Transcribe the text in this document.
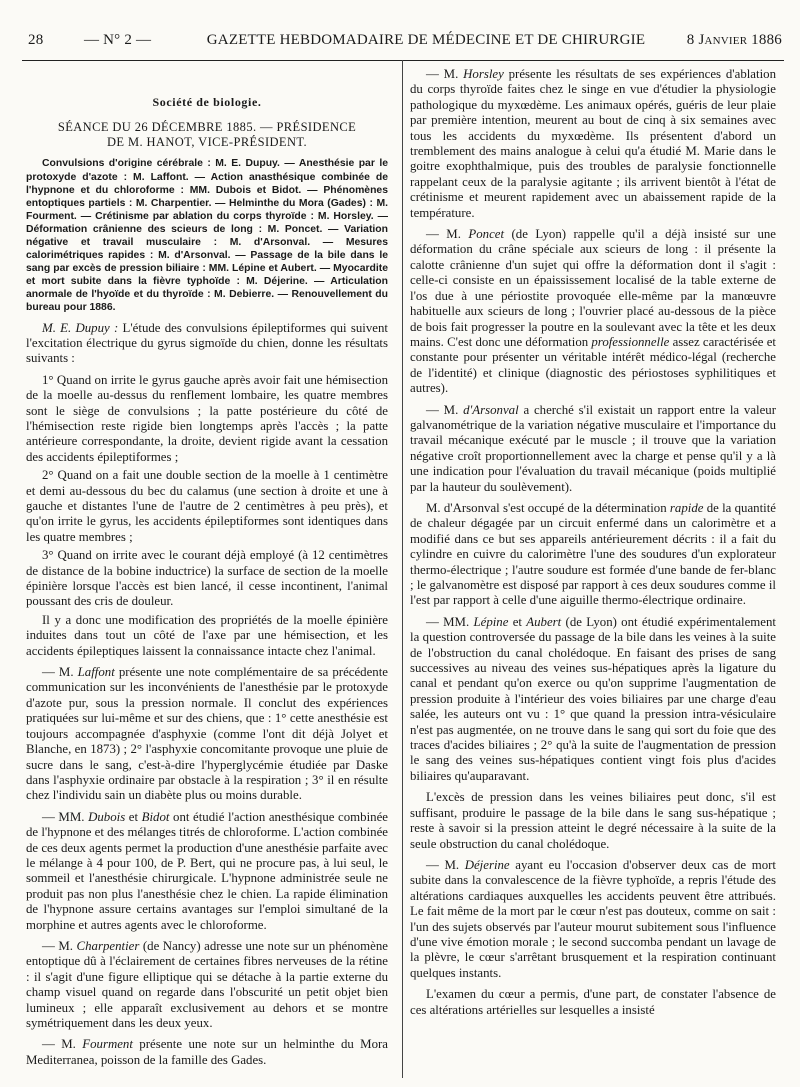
28	— N° 2 —	GAZETTE HEBDOMADAIRE DE MÉDECINE ET DE CHIRURGIE	8 Janvier 1886
Société de biologie.
SÉANCE DU 26 DÉCEMBRE 1885. — PRÉSIDENCE
DE M. HANOT, VICE-PRÉSIDENT.

Convulsions d'origine cérébrale : M. E. Dupuy. — Anesthésie par le protoxyde d'azote : M. Laffont. — Action anasthésique combinée de l'hypnone et du chloroforme : MM. Dubois et Bidot. — Phénomènes entoptiques partiels : M. Charpentier. — Helminthe du Mora (Gades) : M. Fourment. — Crétinisme par ablation du corps thyroïde : M. Horsley. — Déformation crânienne des scieurs de long : M. Poncet. — Variation négative et travail musculaire : M. d'Arsonval. — Mesures calorimétriques rapides : M. d'Arsonval. — Passage de la bile dans le sang par excès de pression biliaire : MM. Lépine et Aubert. — Myocardite et mort subite dans la fièvre typhoïde : M. Déjerine. — Articulation anormale de l'hyoïde et du thyroïde : M. Debierre. — Renouvellement du bureau pour 1886.

M. E. Dupuy : L'étude des convulsions épileptiformes qui suivent l'excitation électrique du gyrus sigmoïde du chien, donne les résultats suivants :

1° Quand on irrite le gyrus gauche après avoir fait une hémisection de la moelle au-dessus du renflement lombaire, les quatre membres sont le siège de convulsions ; la patte postérieure du côté de l'hémisection reste rigide bien longtemps après l'accès ; la patte antérieure correspondante, la droite, devient rigide avant la cessation des accidents épileptiformes ;

2° Quand on a fait une double section de la moelle à 1 centimètre et demi au-dessous du bec du calamus (une section à droite et une à gauche et distantes l'une de l'autre de 2 centimètres à peu près), et qu'on irrite le gyrus, les accidents épileptiformes sont identiques dans les quatre membres ;

3° Quand on irrite avec le courant déjà employé (à 12 centimètres de distance de la bobine inductrice) la surface de section de la moelle épinière lorsque l'accès est bien lancé, il cesse incontinent, l'animal poussant des cris de douleur.

Il y a donc une modification des propriétés de la moelle épinière induites dans tout un côté de l'axe par une hémisection, et les accidents épileptiques laissent la connaissance intacte chez l'animal.

— M. Laffont présente une note complémentaire de sa précédente communication sur les inconvénients de l'anesthésie par le protoxyde d'azote pur, sous la pression normale. Il conclut des expériences pratiquées sur lui-même et sur des chiens, que : 1° cette anesthésie est toujours accompagnée d'asphyxie (comme l'ont dit déjà Jolyet et Blanche, en 1873) ; 2° l'asphyxie concomitante provoque une pluie de sucre dans le sang, c'est-à-dire l'hyperglycémie étudiée par Daske dans l'asphyxie ordinaire par obstacle à la respiration ; 3° il en résulte chez l'individu sain un diabète plus ou moins durable.

— MM. Dubois et Bidot ont étudié l'action anesthésique combinée de l'hypnone et des mélanges titrés de chloroforme. L'action combinée de ces deux agents permet la production d'une anesthésie parfaite avec le mélange à 4 pour 100, de P. Bert, qui ne procure pas, à lui seul, le sommeil et l'anesthésie chirurgicale. L'hypnone administrée seule ne produit pas non plus l'anesthésie chez le chien. La rapide élimination de l'hypnone assure certains avantages sur l'emploi simultané de la morphine et autres agents avec le chloroforme.

— M. Charpentier (de Nancy) adresse une note sur un phénomène entoptique dû à l'éclairement de certaines fibres nerveuses de la rétine : il s'agit d'une figure elliptique qui se détache à la partie externe du champ visuel quand on regarde dans l'obscurité un petit objet bien lumineux ; elle apparaît exclusivement au dehors et se montre symétriquement dans les deux yeux.

— M. Fourment présente une note sur un helminthe du Mora Mediterranea, poisson de la famille des Gades.

— M. Horsley présente les résultats de ses expériences d'ablation du corps thyroïde faites chez le singe en vue d'étudier la physiologie pathologique du myxœdème. Les animaux opérés, guéris de leur plaie par première intention, meurent au bout de cinq à six semaines avec tous les accidents du myxœdème. Ils présentent d'abord un tremblement des mains analogue à celui qu'a étudié M. Marie dans le goitre exophthalmique, puis des troubles de paralysie fonctionnelle rappelant ceux de la paralysie agitante ; ils arrivent bientôt à l'état de crétinisme et meurent rapidement avec un abaissement rapide de la température.

— M. Poncet (de Lyon) rappelle qu'il a déjà insisté sur une déformation du crâne spéciale aux scieurs de long : il présente la calotte crânienne d'un sujet qui offre la déformation dont il s'agit : celle-ci consiste en un épaississement localisé de la table externe de l'os due à une périostite provoquée elle-même par la manœuvre habituelle aux scieurs de long ; l'ouvrier placé au-dessous de la pièce de bois fait progresser la poutre en la soulevant avec la tête et les deux mains. C'est donc une déformation professionnelle assez caractérisée et constante pour présenter un véritable intérêt médico-légal (recherche de l'identité) et clinique (diagnostic des périostoses syphilitiques et autres).

— M. d'Arsonval a cherché s'il existait un rapport entre la valeur galvanométrique de la variation négative musculaire et l'importance du travail mécanique exécuté par le muscle ; il trouve que la variation négative croît proportionnellement avec la charge et pense qu'il y a là une indication pour l'évaluation du travail mécanique (poids multiplié par la hauteur du soulèvement).

M. d'Arsonval s'est occupé de la détermination rapide de la quantité de chaleur dégagée par un circuit enfermé dans un calorimètre et a modifié dans ce but ses appareils antérieurement décrits : il a fait du cylindre en cuivre du calorimètre l'une des soudures d'un explorateur thermo-électrique ; l'autre soudure est formée d'une bande de fer-blanc ; le galvanomètre est disposé par rapport à ces deux soudures comme il l'est par rapport à celle d'une aiguille thermo-électrique ordinaire.

— MM. Lépine et Aubert (de Lyon) ont étudié expérimentalement la question controversée du passage de la bile dans les veines à la suite de l'obstruction du canal cholédoque. En faisant des prises de sang successives au niveau des veines sus-hépatiques après la ligature du canal et pendant qu'on exerce ou qu'on supprime l'augmentation de pression produite à l'intérieur des voies biliaires par une charge d'eau salée, les auteurs ont vu : 1° que quand la pression intra-vésiculaire n'est pas augmentée, on ne trouve dans le sang qui sort du foie que des traces d'acides biliaires ; 2° qu'à la suite de l'augmentation de pression le sang des veines sus-hépatiques contient vingt fois plus d'acides biliaires qu'auparavant.

L'excès de pression dans les veines biliaires peut donc, s'il est suffisant, produire le passage de la bile dans le sang sus-hépatique ; reste à savoir si la pression atteint le degré nécessaire à la suite de la seule obstruction du canal cholédoque.

— M. Déjerine ayant eu l'occasion d'observer deux cas de mort subite dans la convalescence de la fièvre typhoïde, a repris l'étude des altérations cardiaques auxquelles les accidents peuvent être attribués. Le fait même de la mort par le cœur n'est pas douteux, comme on sait : l'un des sujets observés par l'auteur mourut subitement sous l'influence d'une vive émotion morale ; le second succomba pendant un lavage de la plèvre, le cœur s'arrêtant brusquement et la respiration continuant quelques instants.

L'examen du cœur a permis, d'une part, de constater l'absence de ces altérations artérielles sur lesquelles a insisté
